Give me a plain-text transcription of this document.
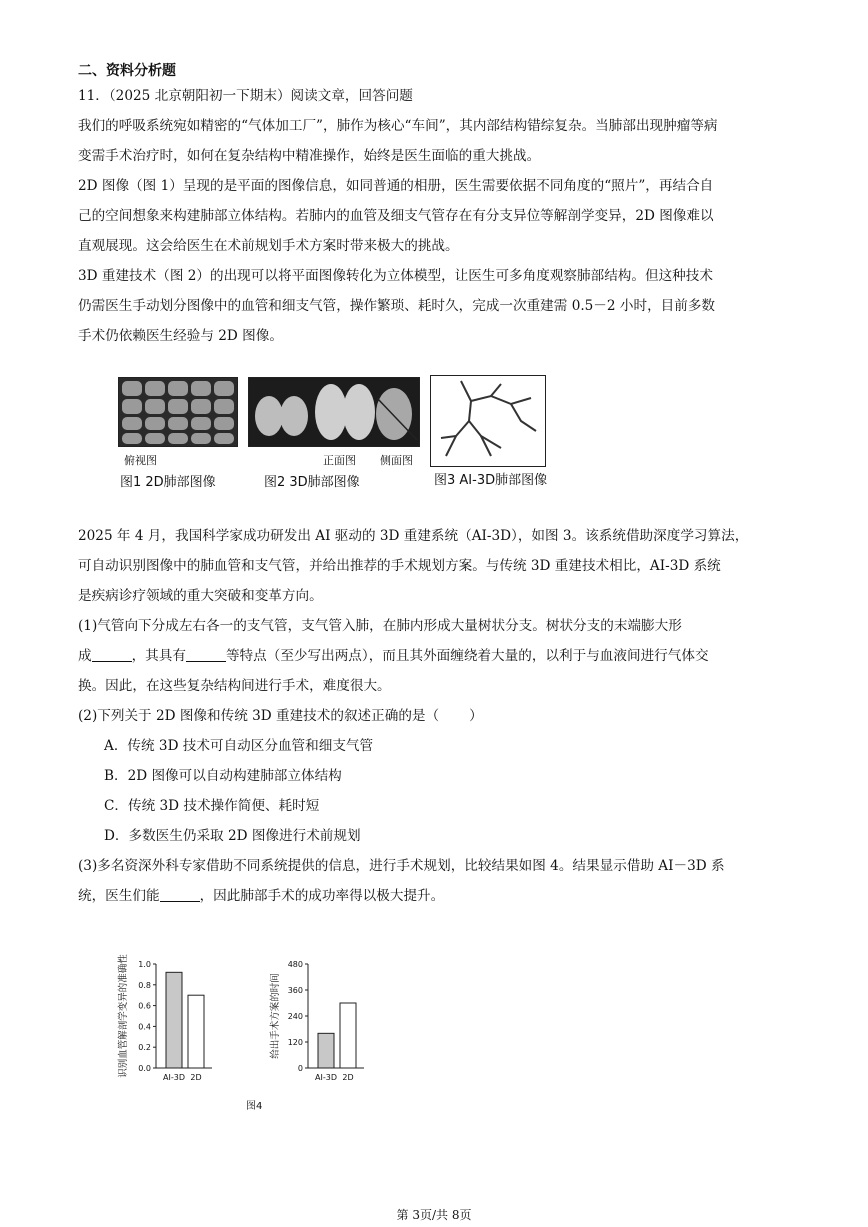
二、资料分析题
11．（2025 北京朝阳初一下期末）阅读文章，回答问题
我们的呼吸系统宛如精密的“气体加工厂”，肺作为核心“车间”，其内部结构错综复杂。当肺部出现肿瘤等病
变需手术治疗时，如何在复杂结构中精准操作，始终是医生面临的重大挑战。
2D 图像（图 1）呈现的是平面的图像信息，如同普通的相册，医生需要依据不同角度的“照片”，再结合自
己的空间想象来构建肺部立体结构。若肺内的血管及细支气管存在有分支异位等解剖学变异，2D 图像难以
直观展现。这会给医生在术前规划手术方案时带来极大的挑战。
3D 重建技术（图 2）的出现可以将平面图像转化为立体模型，让医生可多角度观察肺部结构。但这种技术
仍需医生手动划分图像中的血管和细支气管，操作繁琐、耗时久，完成一次重建需 0.5－2 小时，目前多数
手术仍依赖医生经验与 2D 图像。
俯视图	正面图 侧面图
图1 2D肺部图像	图2 3D肺部图像	图3 AI-3D肺部图像
2025 年 4 月，我国科学家成功研发出 AI 驱动的 3D 重建系统（AI-3D），如图 3。该系统借助深度学习算法，
可自动识别图像中的肺血管和支气管，并给出推荐的手术规划方案。与传统 3D 重建技术相比，AI-3D 系统
是疾病诊疗领域的重大突破和变革方向。
(1)气管向下分成左右各一的支气管，支气管入肺，在肺内形成大量树状分支。树状分支的末端膨大形
成	，其具有	等特点（至少写出两点），而且其外面缠绕着大量的，以利于与血液间进行气体交
换。因此，在这些复杂结构间进行手术，难度很大。
(2)下列关于 2D 图像和传统 3D 重建技术的叙述正确的是（ ）
A．传统 3D 技术可自动区分血管和细支气管
B．2D 图像可以自动构建肺部立体结构
C．传统 3D 技术操作简便、耗时短
D．多数医生仍采取 2D 图像进行术前规划
(3)多名资深外科专家借助不同系统提供的信息，进行手术规划，比较结果如图 4。结果显示借助 AI－3D 系
统，医生们能	，因此肺部手术的成功率得以极大提升。
0.0
0.2
0.4
0.6
0.8
1.0
识别血管解剖学变异的准确性	AI-3D 2D
0
120
240
360
480
给出手术方案的时间
AI-3D 2D
图4
第 3页/共 8页
